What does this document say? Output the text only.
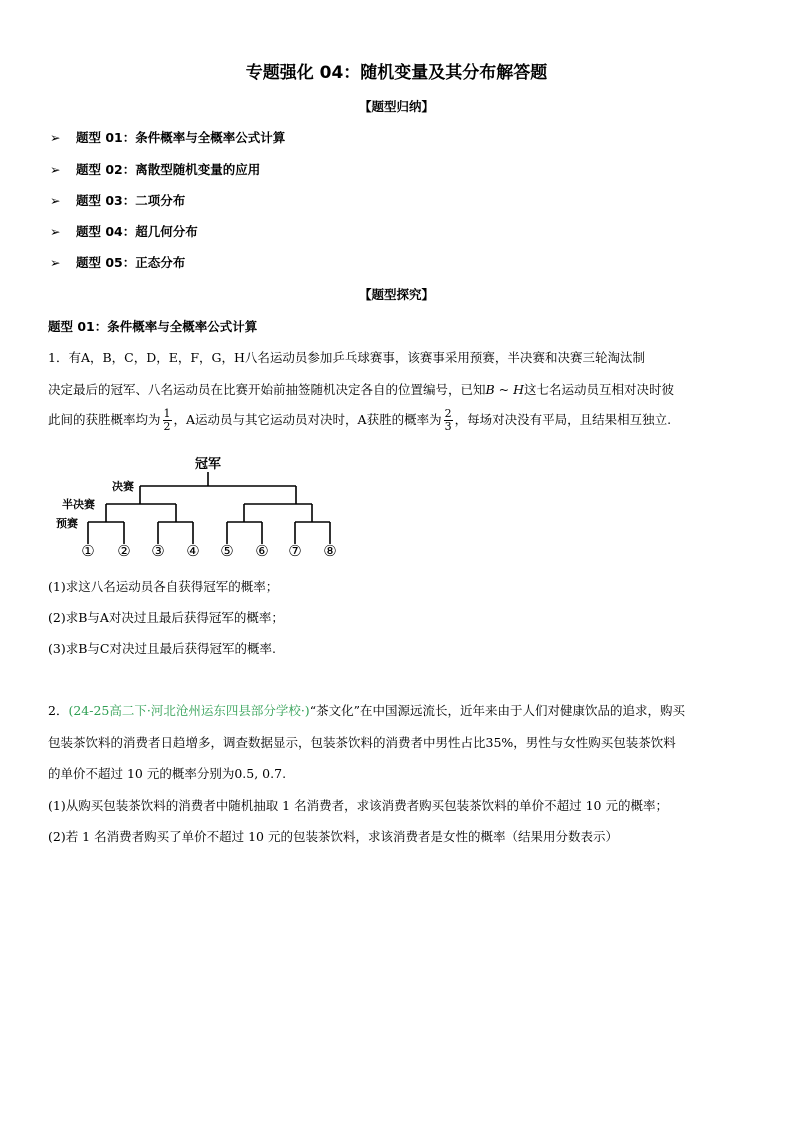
专题强化 04：随机变量及其分布解答题
【题型归纳】
➢ 题型 01：条件概率与全概率公式计算
➢ 题型 02：离散型随机变量的应用
➢ 题型 03：二项分布
➢ 题型 04：超几何分布
➢ 题型 05：正态分布
【题型探究】
题型 01：条件概率与全概率公式计算
1．有A，B，C，D，E，F，G，H八名运动员参加乒乓球赛事，该赛事采用预赛，半决赛和决赛三轮淘汰制
决定最后的冠军、八名运动员在比赛开始前抽签随机决定各自的位置编号，已知B ~ H这七名运动员互相对决时彼
此间的获胜概率均为 $\frac{1}{2}$ ，A运动员与其它运动员对决时，A获胜的概率为 $\frac{2}{3}$ ，每场对决没有平局，且结果相互独立.
冠军
决赛
半决赛
预赛
① ② ③ ④ ⑤ ⑥ ⑦ ⑧
(1)求这八名运动员各自获得冠军的概率；
(2)求B与A对决过且最后获得冠军的概率；
(3)求B与C对决过且最后获得冠军的概率.
2．(24-25高二下·河北沧州运东四县部分学校·)“茶文化”在中国源远流长，近年来由于人们对健康饮品的追求，购买
包装茶饮料的消费者日趋增多，调查数据显示，包装茶饮料的消费者中男性占比35%，男性与女性购买包装茶饮料
的单价不超过 10 元的概率分别为0.5, 0.7.
(1)从购买包装茶饮料的消费者中随机抽取 1 名消费者，求该消费者购买包装茶饮料的单价不超过 10 元的概率；
(2)若 1 名消费者购买了单价不超过 10 元的包装茶饮料，求该消费者是女性的概率（结果用分数表示）
